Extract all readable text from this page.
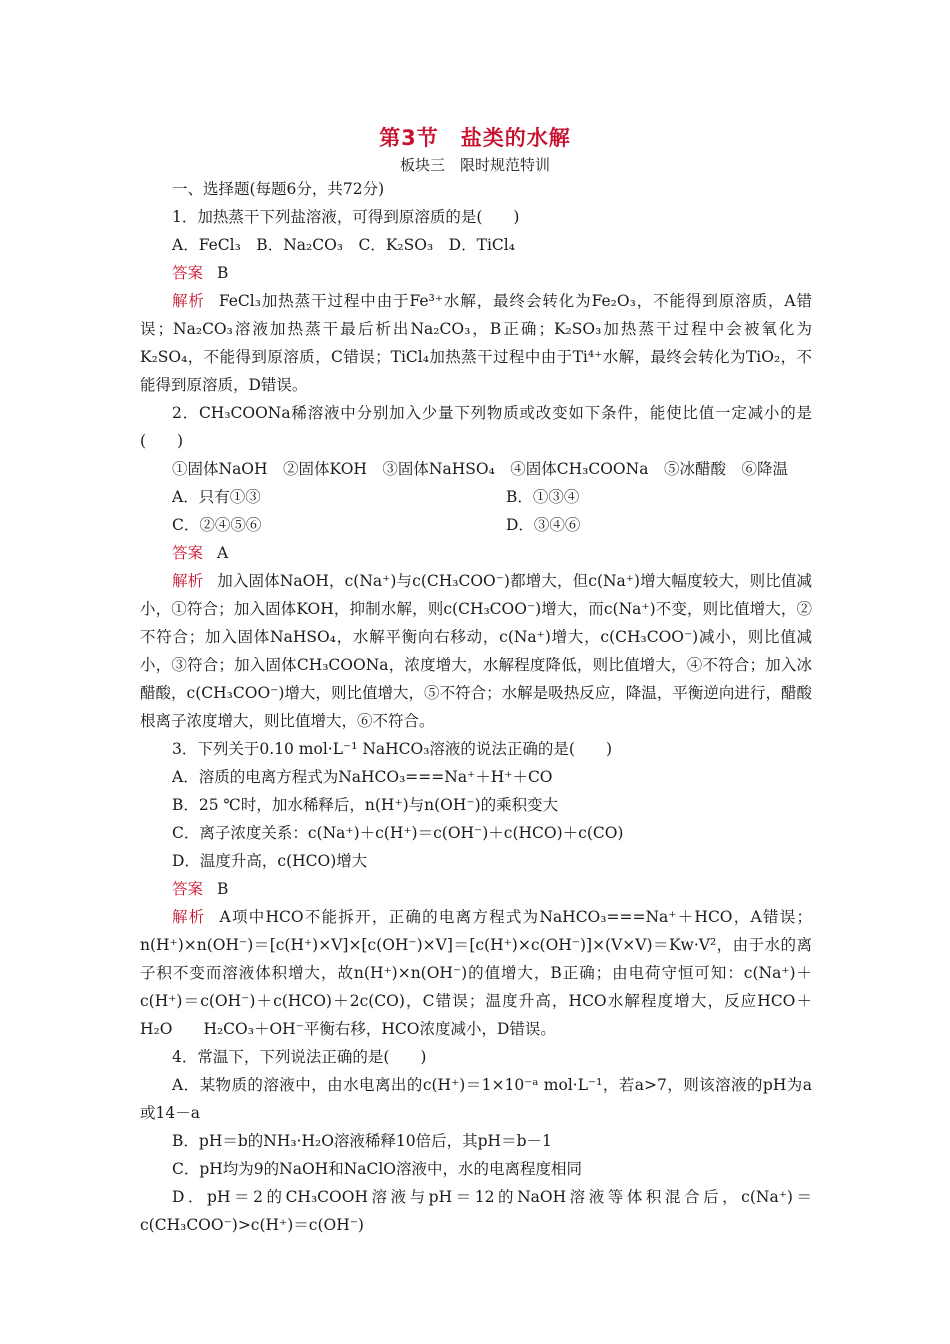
第3节　盐类的水解
板块三　限时规范特训
一、选择题(每题6分，共72分)
1．加热蒸干下列盐溶液，可得到原溶质的是(　　)
A．FeCl₃　B．Na₂CO₃　C．K₂SO₃　D．TiCl₄
答案 B
解析 FeCl₃加热蒸干过程中由于Fe³⁺水解，最终会转化为Fe₂O₃，不能得到原溶质，A错误；Na₂CO₃溶液加热蒸干最后析出Na₂CO₃，B正确；K₂SO₃加热蒸干过程中会被氧化为K₂SO₄，不能得到原溶质，C错误；TiCl₄加热蒸干过程中由于Ti⁴⁺水解，最终会转化为TiO₂，不能得到原溶质，D错误。
2．CH₃COONa稀溶液中分别加入少量下列物质或改变如下条件，能使比值一定减小的是(　　)
①固体NaOH　②固体KOH　③固体NaHSO₄　④固体CH₃COONa　⑤冰醋酸　⑥降温
A．只有①③	B．①③④
C．②④⑤⑥	D．③④⑥
答案 A
解析 加入固体NaOH，c(Na⁺)与c(CH₃COO⁻)都增大，但c(Na⁺)增大幅度较大，则比值减小，①符合；加入固体KOH，抑制水解，则c(CH₃COO⁻)增大，而c(Na⁺)不变，则比值增大，②不符合；加入固体NaHSO₄，水解平衡向右移动，c(Na⁺)增大，c(CH₃COO⁻)减小，则比值减小，③符合；加入固体CH₃COONa，浓度增大，水解程度降低，则比值增大，④不符合；加入冰醋酸，c(CH₃COO⁻)增大，则比值增大，⑤不符合；水解是吸热反应，降温，平衡逆向进行，醋酸根离子浓度增大，则比值增大，⑥不符合。
3．下列关于0.10 mol·L⁻¹ NaHCO₃溶液的说法正确的是(　　)
A．溶质的电离方程式为NaHCO₃===Na⁺＋H⁺＋CO
B．25 ℃时，加水稀释后，n(H⁺)与n(OH⁻)的乘积变大
C．离子浓度关系：c(Na⁺)＋c(H⁺)＝c(OH⁻)＋c(HCO)＋c(CO)
D．温度升高，c(HCO)增大
答案 B
解析 A项中HCO不能拆开，正确的电离方程式为NaHCO₃===Na⁺＋HCO，A错误；n(H⁺)×n(OH⁻)＝[c(H⁺)×V]×[c(OH⁻)×V]＝[c(H⁺)×c(OH⁻)]×(V×V)＝Kw·V²，由于水的离子积不变而溶液体积增大，故n(H⁺)×n(OH⁻)的值增大，B正确；由电荷守恒可知：c(Na⁺)＋c(H⁺)＝c(OH⁻)＋c(HCO)＋2c(CO)，C错误；温度升高，HCO水解程度增大，反应HCO＋H₂O　　H₂CO₃＋OH⁻平衡右移，HCO浓度减小，D错误。
4．常温下，下列说法正确的是(　　)
A．某物质的溶液中，由水电离出的c(H⁺)＝1×10⁻ᵃ mol·L⁻¹，若a>7，则该溶液的pH为a或14－a
B．pH＝b的NH₃·H₂O溶液稀释10倍后，其pH＝b－1
C．pH均为9的NaOH和NaClO溶液中，水的电离程度相同
D．pH＝2的CH₃COOH溶液与pH＝12的NaOH溶液等体积混合后，c(Na⁺)＝c(CH₃COO⁻)>c(H⁺)＝c(OH⁻)
